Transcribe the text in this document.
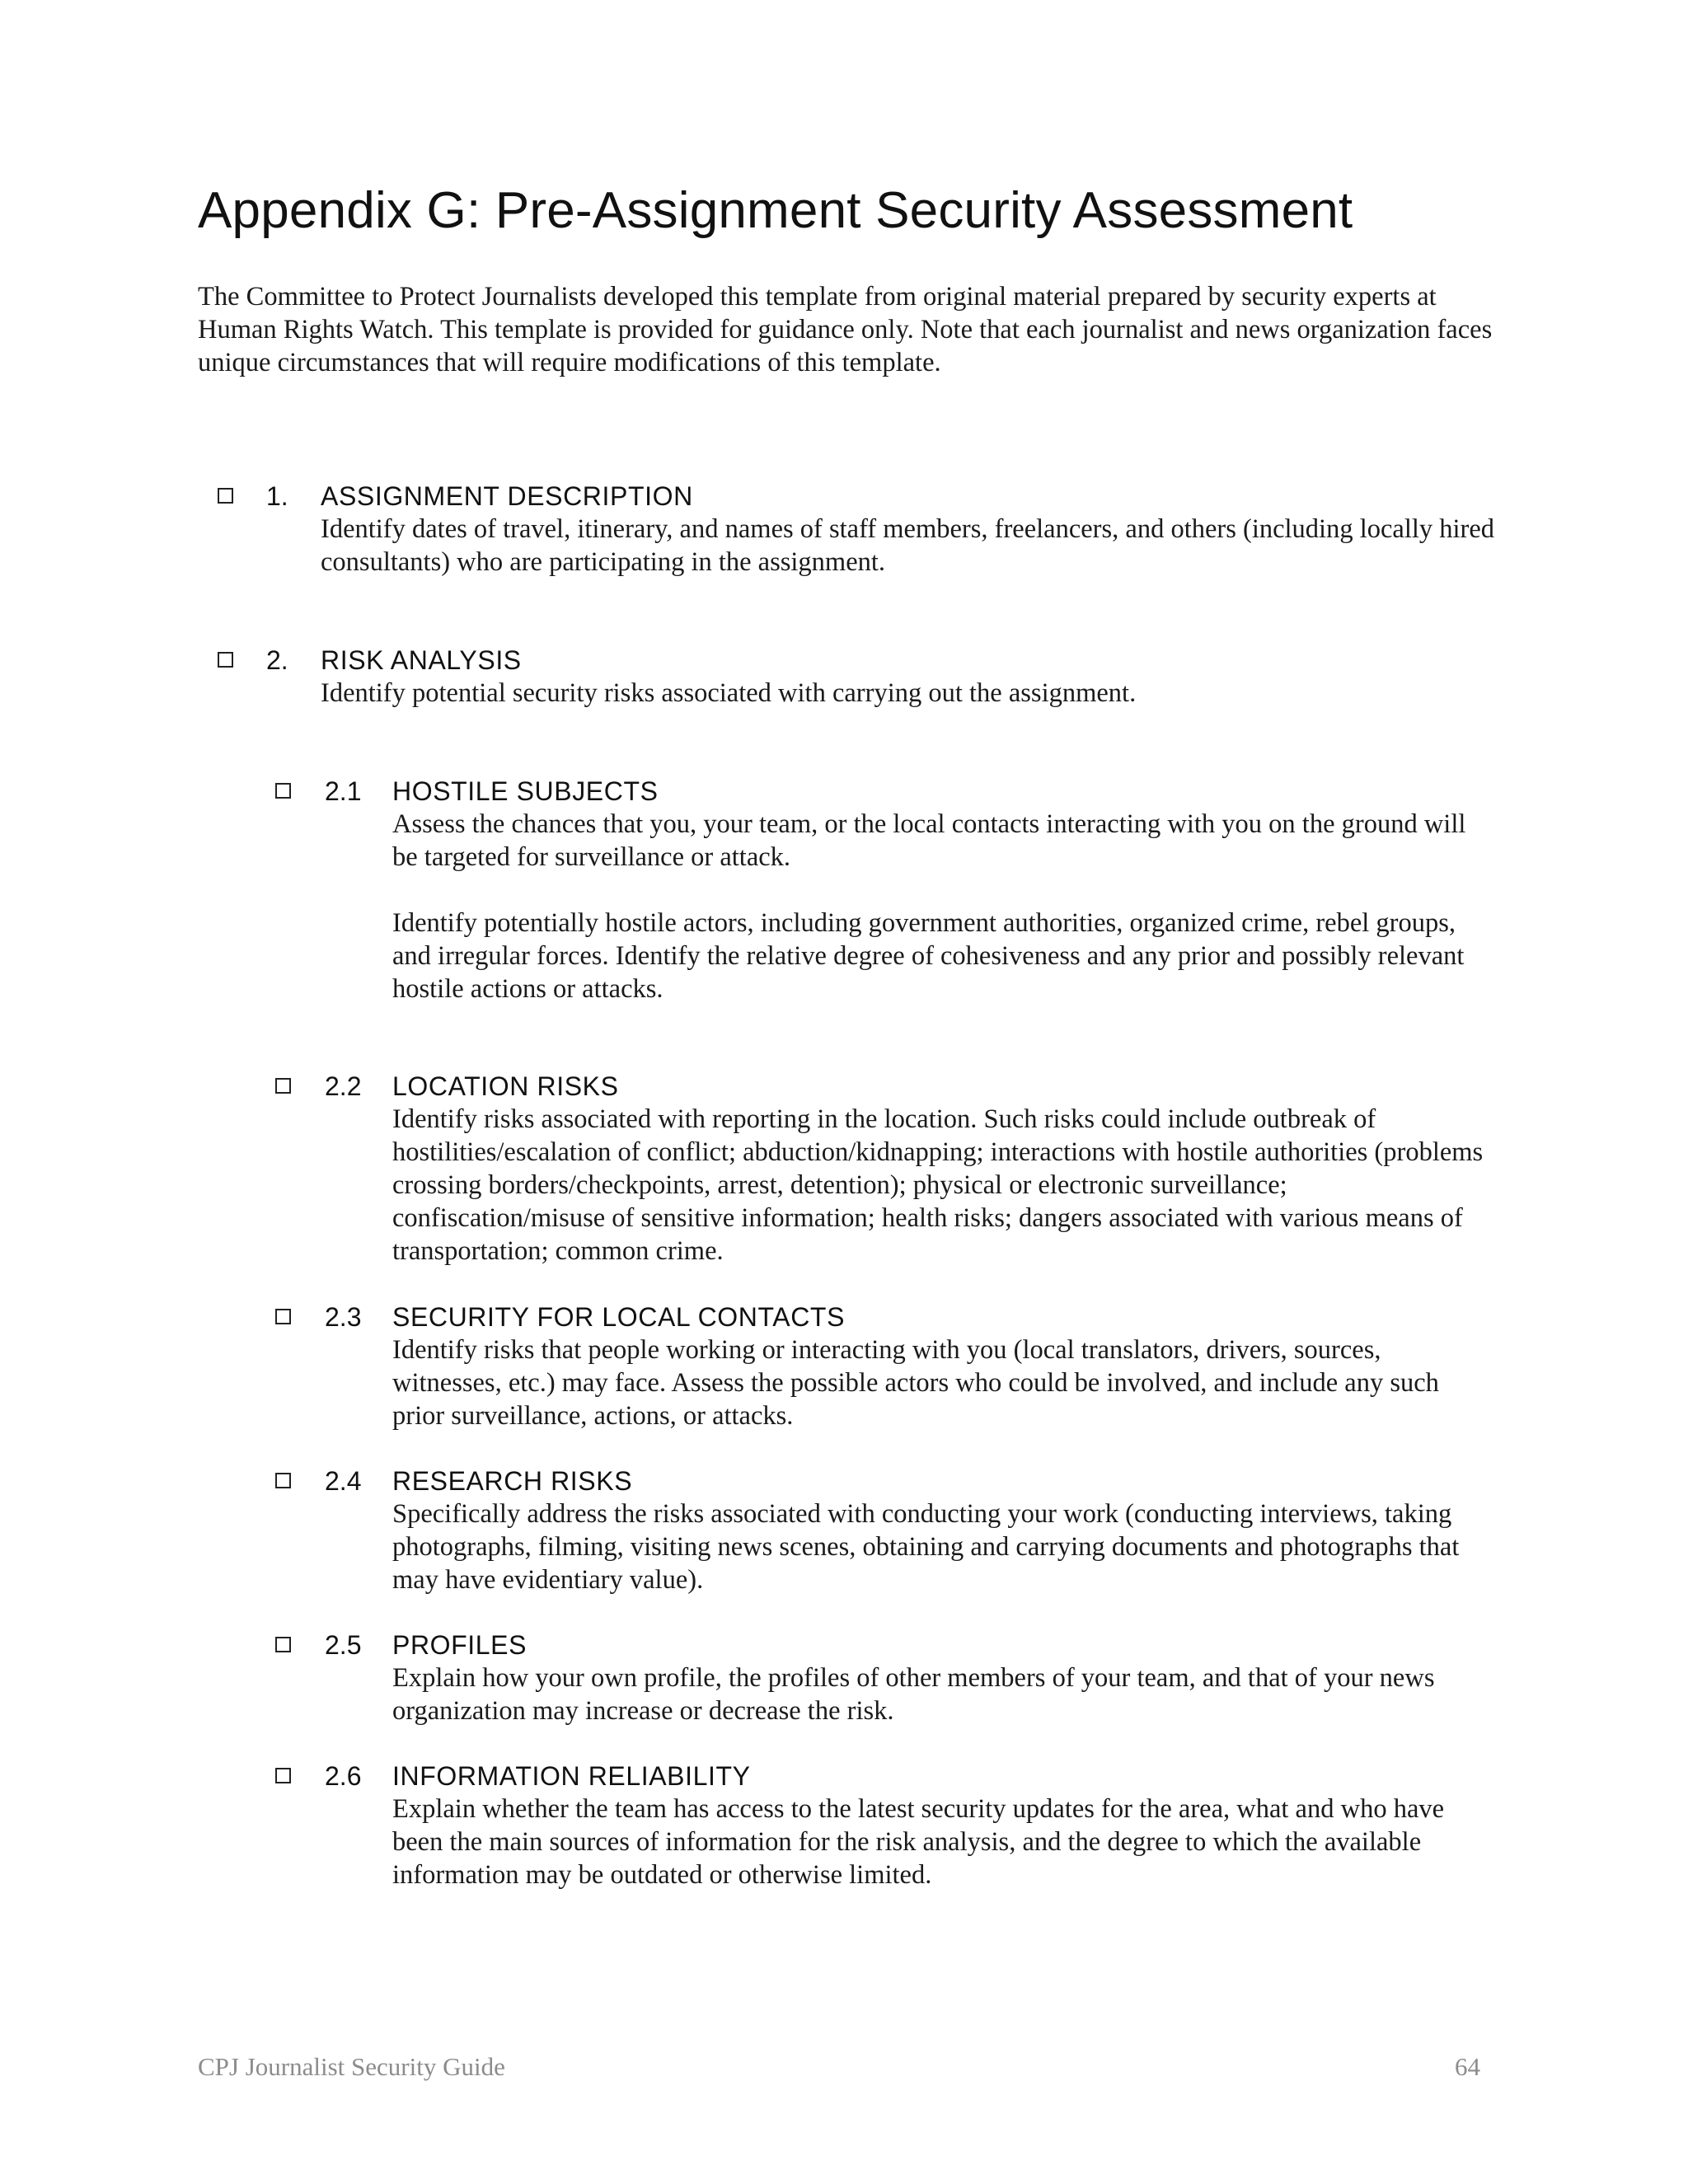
Appendix G: Pre-Assignment Security Assessment

The Committee to Protect Journalists developed this template from original material prepared by security experts at Human Rights Watch. This template is provided for guidance only. Note that each journalist and news organization faces unique circumstances that will require modifications of this template.

1. ASSIGNMENT DESCRIPTION

Identify dates of travel, itinerary, and names of staff members, freelancers, and others (including locally hired consultants) who are participating in the assignment.

2. RISK ANALYSIS

Identify potential security risks associated with carrying out the assignment.

2.1 HOSTILE SUBJECTS

Assess the chances that you, your team, or the local contacts interacting with you on the ground will be targeted for surveillance or attack.

Identify potentially hostile actors, including government authorities, organized crime, rebel groups, and irregular forces. Identify the relative degree of cohesiveness and any prior and possibly relevant hostile actions or attacks.

2.2 LOCATION RISKS

Identify risks associated with reporting in the location. Such risks could include outbreak of hostilities/escalation of conflict; abduction/kidnapping; interactions with hostile authorities (problems crossing borders/checkpoints, arrest, detention); physical or electronic surveillance; confiscation/misuse of sensitive information; health risks; dangers associated with various means of transportation; common crime.

2.3 SECURITY FOR LOCAL CONTACTS

Identify risks that people working or interacting with you (local translators, drivers, sources, witnesses, etc.) may face. Assess the possible actors who could be involved, and include any such prior surveillance, actions, or attacks.

2.4 RESEARCH RISKS

Specifically address the risks associated with conducting your work (conducting interviews, taking photographs, filming, visiting news scenes, obtaining and carrying documents and photographs that may have evidentiary value).

2.5 PROFILES

Explain how your own profile, the profiles of other members of your team, and that of your news organization may increase or decrease the risk.

2.6 INFORMATION RELIABILITY

Explain whether the team has access to the latest security updates for the area, what and who have been the main sources of information for the risk analysis, and the degree to which the available information may be outdated or otherwise limited.

CPJ Journalist Security Guide	64
